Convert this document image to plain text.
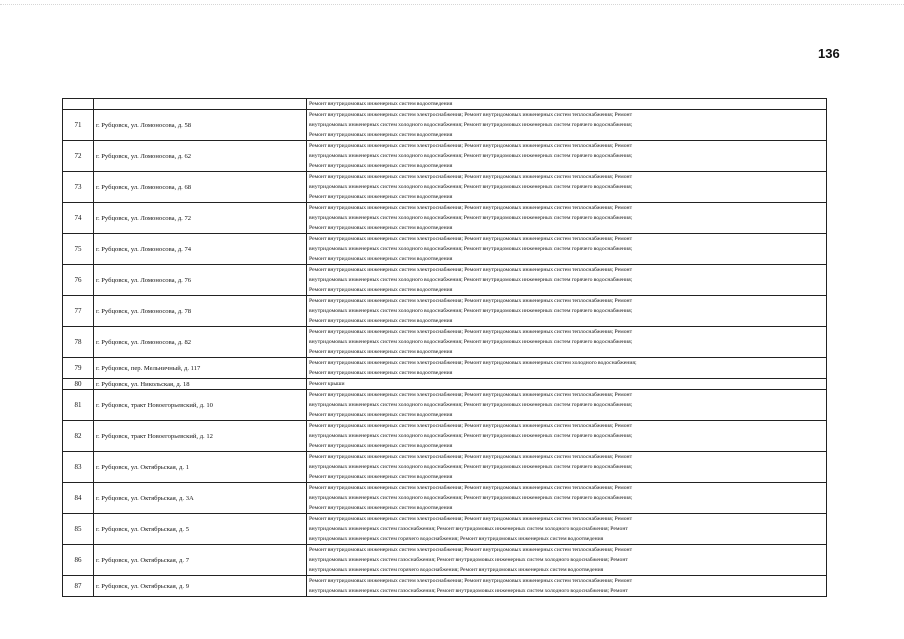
136

		Ремонт внутридомовых инженерных систем водоотведения

71	г. Рубцовск, ул. Ломоносова, д. 58	Ремонт внутридомовых инженерных систем электроснабжения; Ремонт внутридомовых инженерных систем теплоснабжения; Ремонт
внутридомовых инженерных систем холодного водоснабжения; Ремонт внутридомовых инженерных систем горячего водоснабжения;
Ремонт внутридомовых инженерных систем водоотведения

72	г. Рубцовск, ул. Ломоносова, д. 62	Ремонт внутридомовых инженерных систем электроснабжения; Ремонт внутридомовых инженерных систем теплоснабжения; Ремонт
внутридомовых инженерных систем холодного водоснабжения; Ремонт внутридомовых инженерных систем горячего водоснабжения;
Ремонт внутридомовых инженерных систем водоотведения

73	г. Рубцовск, ул. Ломоносова, д. 68	Ремонт внутридомовых инженерных систем электроснабжения; Ремонт внутридомовых инженерных систем теплоснабжения; Ремонт
внутридомовых инженерных систем холодного водоснабжения; Ремонт внутридомовых инженерных систем горячего водоснабжения;
Ремонт внутридомовых инженерных систем водоотведения

74	г. Рубцовск, ул. Ломоносова, д. 72	Ремонт внутридомовых инженерных систем электроснабжения; Ремонт внутридомовых инженерных систем теплоснабжения; Ремонт
внутридомовых инженерных систем холодного водоснабжения; Ремонт внутридомовых инженерных систем горячего водоснабжения;
Ремонт внутридомовых инженерных систем водоотведения

75	г. Рубцовск, ул. Ломоносова, д. 74	Ремонт внутридомовых инженерных систем электроснабжения; Ремонт внутридомовых инженерных систем теплоснабжения; Ремонт
внутридомовых инженерных систем холодного водоснабжения; Ремонт внутридомовых инженерных систем горячего водоснабжения;
Ремонт внутридомовых инженерных систем водоотведения

76	г. Рубцовск, ул. Ломоносова, д. 76	Ремонт внутридомовых инженерных систем электроснабжения; Ремонт внутридомовых инженерных систем теплоснабжения; Ремонт
внутридомовых инженерных систем холодного водоснабжения; Ремонт внутридомовых инженерных систем горячего водоснабжения;
Ремонт внутридомовых инженерных систем водоотведения

77	г. Рубцовск, ул. Ломоносова, д. 78	Ремонт внутридомовых инженерных систем электроснабжения; Ремонт внутридомовых инженерных систем теплоснабжения; Ремонт
внутридомовых инженерных систем холодного водоснабжения; Ремонт внутридомовых инженерных систем горячего водоснабжения;
Ремонт внутридомовых инженерных систем водоотведения

78	г. Рубцовск, ул. Ломоносова, д. 82	Ремонт внутридомовых инженерных систем электроснабжения; Ремонт внутридомовых инженерных систем теплоснабжения; Ремонт
внутридомовых инженерных систем холодного водоснабжения; Ремонт внутридомовых инженерных систем горячего водоснабжения;
Ремонт внутридомовых инженерных систем водоотведения

79	г. Рубцовск, пер. Мельничный, д. 117	Ремонт внутридомовых инженерных систем электроснабжения; Ремонт внутридомовых инженерных систем холодного водоснабжения;
Ремонт внутридомовых инженерных систем водоотведения

80	г. Рубцовск, ул. Никольская, д. 18	Ремонт крыши

81	г. Рубцовск, тракт Новоегорьевский, д. 10	Ремонт внутридомовых инженерных систем электроснабжения; Ремонт внутридомовых инженерных систем теплоснабжения; Ремонт
внутридомовых инженерных систем холодного водоснабжения; Ремонт внутридомовых инженерных систем горячего водоснабжения;
Ремонт внутридомовых инженерных систем водоотведения

82	г. Рубцовск, тракт Новоегорьевский, д. 12	Ремонт внутридомовых инженерных систем электроснабжения; Ремонт внутридомовых инженерных систем теплоснабжения; Ремонт
внутридомовых инженерных систем холодного водоснабжения; Ремонт внутридомовых инженерных систем горячего водоснабжения;
Ремонт внутридомовых инженерных систем водоотведения

83	г. Рубцовск, ул. Октябрьская, д. 1	Ремонт внутридомовых инженерных систем электроснабжения; Ремонт внутридомовых инженерных систем теплоснабжения; Ремонт
внутридомовых инженерных систем холодного водоснабжения; Ремонт внутридомовых инженерных систем горячего водоснабжения;
Ремонт внутридомовых инженерных систем водоотведения

84	г. Рубцовск, ул. Октябрьская, д. 3А	Ремонт внутридомовых инженерных систем электроснабжения; Ремонт внутридомовых инженерных систем теплоснабжения; Ремонт
внутридомовых инженерных систем холодного водоснабжения; Ремонт внутридомовых инженерных систем горячего водоснабжения;
Ремонт внутридомовых инженерных систем водоотведения

85	г. Рубцовск, ул. Октябрьская, д. 5	Ремонт внутридомовых инженерных систем электроснабжения; Ремонт внутридомовых инженерных систем теплоснабжения; Ремонт
внутридомовых инженерных систем газоснабжения; Ремонт внутридомовых инженерных систем холодного водоснабжения; Ремонт
внутридомовых инженерных систем горячего водоснабжения; Ремонт внутридомовых инженерных систем водоотведения

86	г. Рубцовск, ул. Октябрьская, д. 7	Ремонт внутридомовых инженерных систем электроснабжения; Ремонт внутридомовых инженерных систем теплоснабжения; Ремонт
внутридомовых инженерных систем газоснабжения; Ремонт внутридомовых инженерных систем холодного водоснабжения; Ремонт
внутридомовых инженерных систем горячего водоснабжения; Ремонт внутридомовых инженерных систем водоотведения

87	г. Рубцовск, ул. Октябрьская, д. 9	Ремонт внутридомовых инженерных систем электроснабжения; Ремонт внутридомовых инженерных систем теплоснабжения; Ремонт
внутридомовых инженерных систем газоснабжения; Ремонт внутридомовых инженерных систем холодного водоснабжения; Ремонт
